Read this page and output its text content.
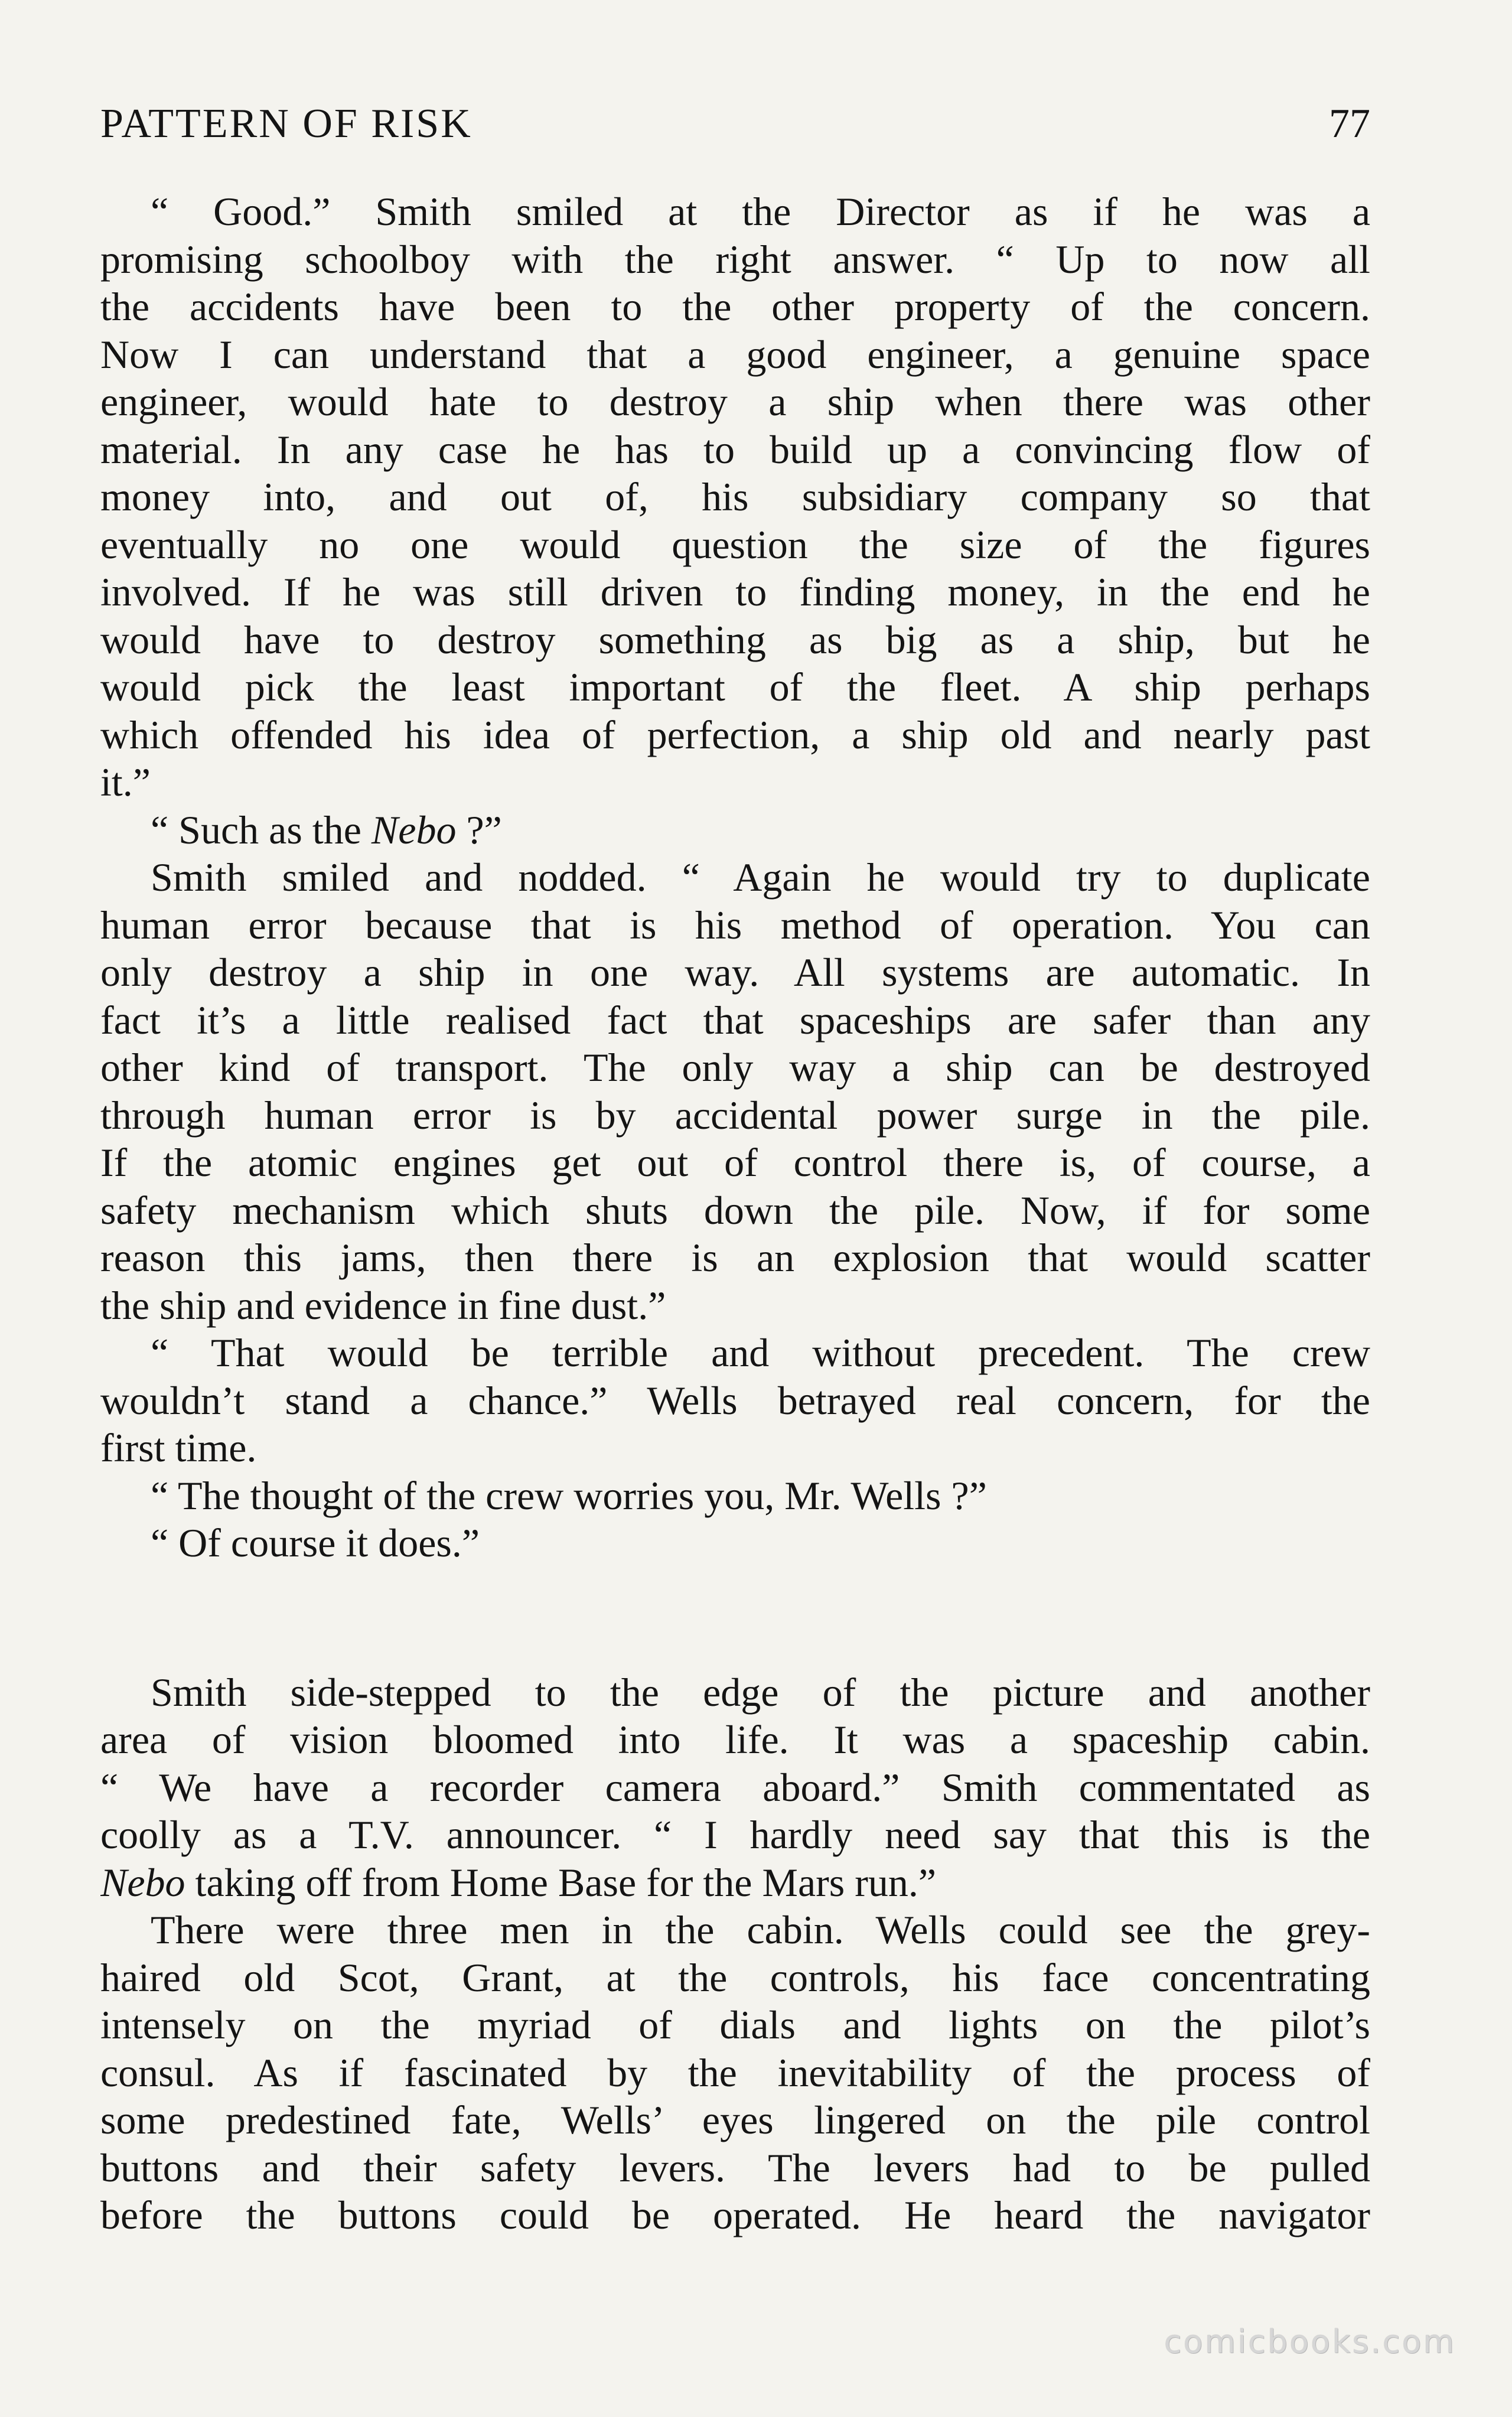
PATTERN OF RISK	77
“ Good.” Smith smiled at the Director as if he was a
promising schoolboy with the right answer. “ Up to now all
the accidents have been to the other property of the concern.
Now I can understand that a good engineer, a genuine space
engineer, would hate to destroy a ship when there was other
material. In any case he has to build up a convincing flow of
money into, and out of, his subsidiary company so that
eventually no one would question the size of the figures
involved. If he was still driven to finding money, in the end he
would have to destroy something as big as a ship, but he
would pick the least important of the fleet. A ship perhaps
which offended his idea of perfection, a ship old and nearly past
it.”
“ Such as the Nebo ?”
Smith smiled and nodded. “ Again he would try to duplicate
human error because that is his method of operation. You can
only destroy a ship in one way. All systems are automatic. In
fact it’s a little realised fact that spaceships are safer than any
other kind of transport. The only way a ship can be destroyed
through human error is by accidental power surge in the pile.
If the atomic engines get out of control there is, of course, a
safety mechanism which shuts down the pile. Now, if for some
reason this jams, then there is an explosion that would scatter
the ship and evidence in fine dust.”
“ That would be terrible and without precedent. The crew
wouldn’t stand a chance.” Wells betrayed real concern, for the
first time.
“ The thought of the crew worries you, Mr. Wells ?”
“ Of course it does.”
Smith side-stepped to the edge of the picture and another
area of vision bloomed into life. It was a spaceship cabin.
“ We have a recorder camera aboard.” Smith commentated as
coolly as a T.V. announcer. “ I hardly need say that this is the
Nebo taking off from Home Base for the Mars run.”
There were three men in the cabin. Wells could see the grey-
haired old Scot, Grant, at the controls, his face concentrating
intensely on the myriad of dials and lights on the pilot’s
consul. As if fascinated by the inevitability of the process of
some predestined fate, Wells’ eyes lingered on the pile control
buttons and their safety levers. The levers had to be pulled
before the buttons could be operated. He heard the navigator
comicbooks.com
